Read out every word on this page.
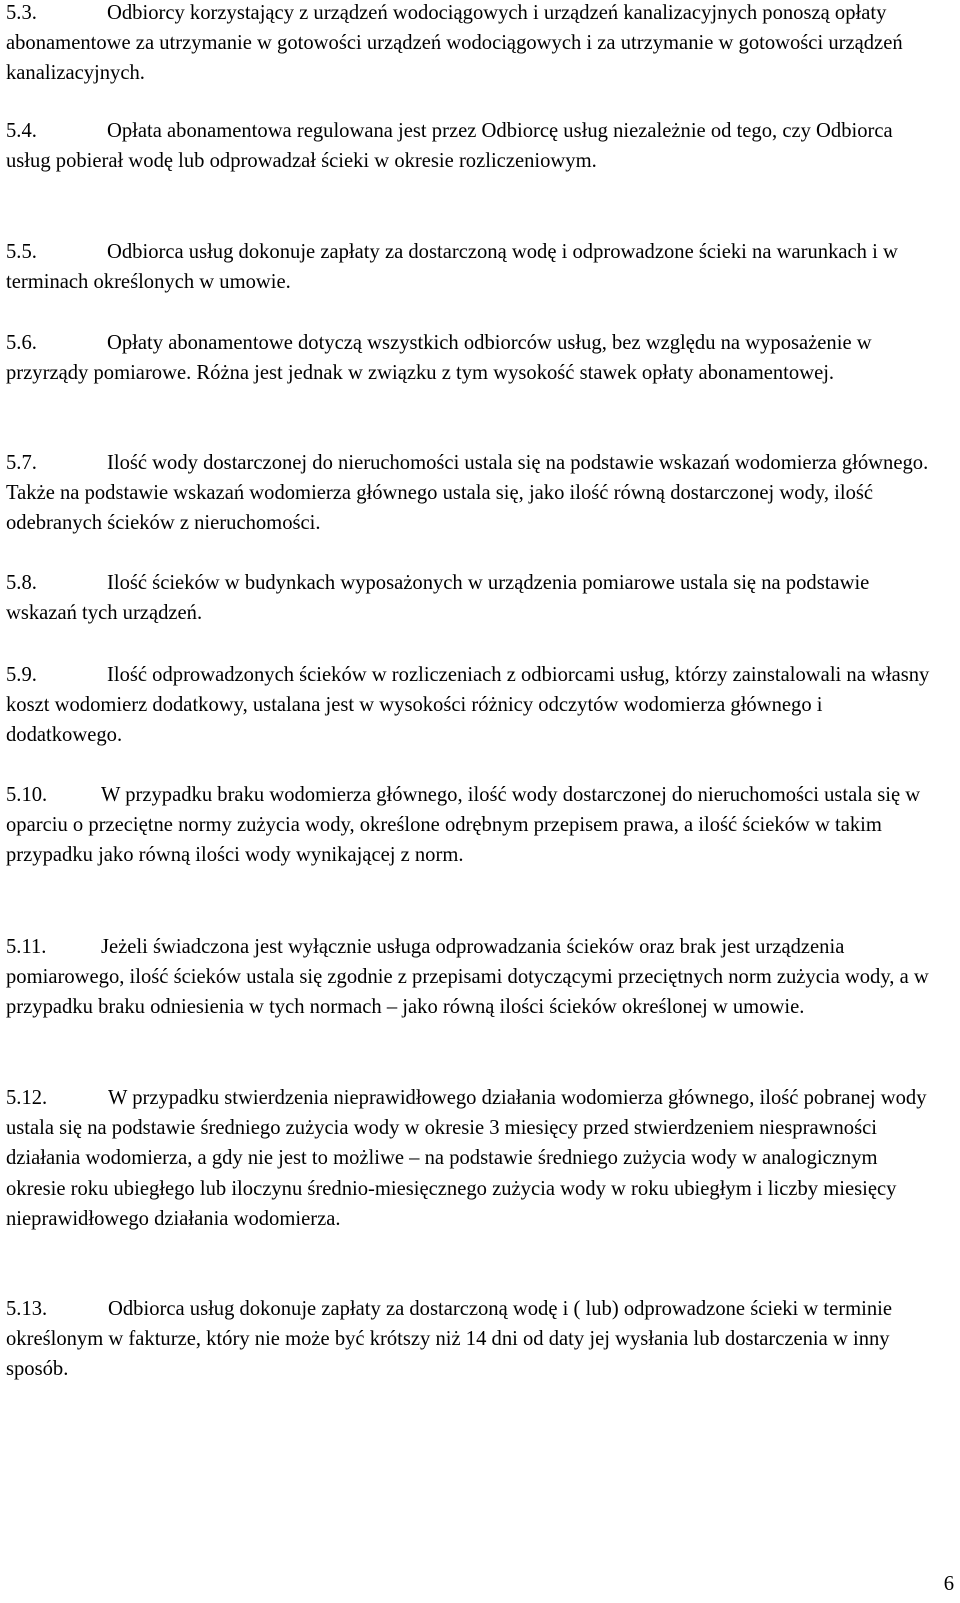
5.3.	Odbiorcy korzystający z urządzeń wodociągowych i urządzeń kanalizacyjnych ponoszą opłaty abonamentowe za utrzymanie w gotowości urządzeń wodociągowych i za utrzymanie w gotowości urządzeń kanalizacyjnych.

5.4.	Opłata abonamentowa regulowana jest przez Odbiorcę usług niezależnie od tego, czy Odbiorca usług pobierał wodę lub odprowadzał ścieki w okresie rozliczeniowym.

5.5.	Odbiorca usług dokonuje zapłaty za dostarczoną wodę i odprowadzone ścieki na warunkach i w terminach określonych w umowie.

5.6.	Opłaty abonamentowe dotyczą wszystkich odbiorców usług, bez względu na wyposażenie w przyrządy pomiarowe. Różna jest jednak w związku z tym wysokość stawek opłaty abonamentowej.

5.7.	Ilość wody dostarczonej do nieruchomości ustala się na podstawie wskazań wodomierza głównego. Także na podstawie wskazań wodomierza głównego ustala się, jako ilość równą dostarczonej wody, ilość odebranych ścieków z nieruchomości.

5.8.	Ilość ścieków w budynkach wyposażonych w urządzenia pomiarowe ustala się na podstawie wskazań tych urządzeń.

5.9.	Ilość odprowadzonych ścieków w rozliczeniach z odbiorcami usług, którzy zainstalowali na własny koszt wodomierz dodatkowy, ustalana jest w wysokości różnicy odczytów wodomierza głównego i dodatkowego.

5.10.	W przypadku braku wodomierza głównego, ilość wody dostarczonej do nieruchomości ustala się w oparciu o przeciętne normy zużycia wody, określone odrębnym przepisem prawa, a ilość ścieków w takim przypadku jako równą ilości wody wynikającej z norm.

5.11.	Jeżeli świadczona jest wyłącznie usługa odprowadzania ścieków oraz brak jest urządzenia pomiarowego, ilość ścieków ustala się zgodnie z przepisami dotyczącymi przeciętnych norm zużycia wody, a w przypadku braku odniesienia w tych normach – jako równą ilości ścieków określonej w umowie.

5.12.	W przypadku stwierdzenia nieprawidłowego działania wodomierza głównego, ilość pobranej wody ustala się na podstawie średniego zużycia wody w okresie 3 miesięcy przed stwierdzeniem niesprawności działania wodomierza, a gdy nie jest to możliwe – na podstawie średniego zużycia wody w analogicznym okresie roku ubiegłego lub iloczynu średnio-miesięcznego zużycia wody w roku ubiegłym i liczby miesięcy nieprawidłowego działania wodomierza.

5.13.	Odbiorca usług dokonuje zapłaty za dostarczoną wodę i ( lub) odprowadzone ścieki w terminie określonym w fakturze, który nie może być krótszy niż 14 dni od daty jej wysłania lub dostarczenia w inny sposób.

6
